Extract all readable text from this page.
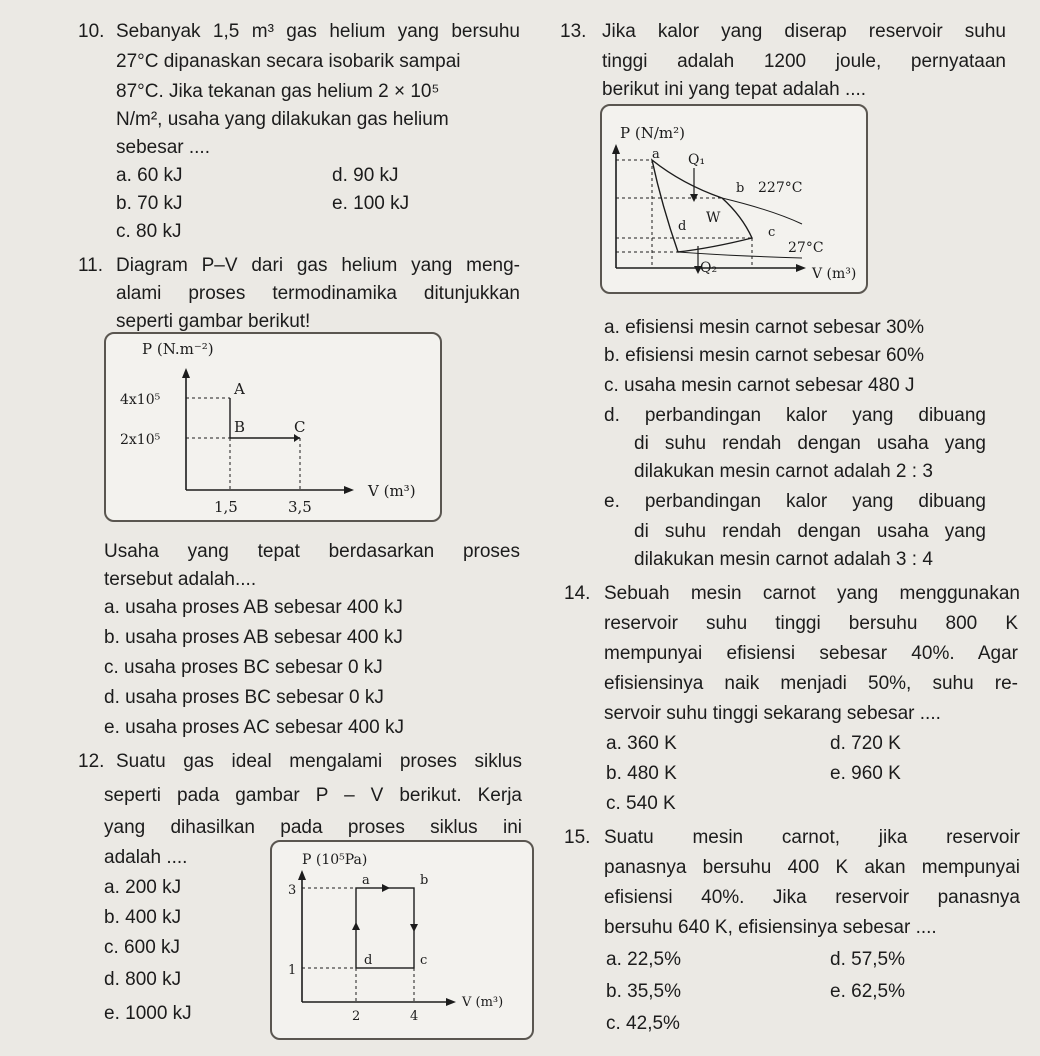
10. Sebanyak 1,5 m³ gas helium yang bersuhu
27°C dipanaskan secara isobarik sampai
87°C. Jika tekanan gas helium 2 × 10⁵
N/m², usaha yang dilakukan gas helium
sebesar ....
a. 60 kJ	d. 90 kJ
b. 70 kJ	e. 100 kJ
c. 80 kJ
11. Diagram P–V dari gas helium yang meng-
alami proses termodinamika ditunjukkan
seperti gambar berikut!
P (N.m⁻²)
4x10⁵
2x10⁵
A
B	C
1,5	3,5
V (m³)
Usaha yang tepat berdasarkan proses
tersebut adalah....
a. usaha proses AB sebesar 400 kJ
b. usaha proses AB sebesar 400 kJ
c. usaha proses BC sebesar 0 kJ
d. usaha proses BC sebesar 0 kJ
e. usaha proses AC sebesar 400 kJ
12. Suatu gas ideal mengalami proses siklus
seperti pada gambar P – V berikut. Kerja
yang dihasilkan pada proses siklus ini
adalah ....
a. 200 kJ
b. 400 kJ
c. 600 kJ
d. 800 kJ
e. 1000 kJ
P (10⁵Pa)
3
1
a	b
c
d
2	4
V (m³)
13. Jika kalor yang diserap reservoir suhu
tinggi adalah 1200 joule, pernyataan
berikut ini yang tepat adalah ....
P (N/m²)
a
b
c
d
W
Q₁
Q₂
227°C
27°C
V (m³)
a. efisiensi mesin carnot sebesar 30%
b. efisiensi mesin carnot sebesar 60%
c. usaha mesin carnot sebesar 480 J
d. perbandingan kalor yang dibuang
di suhu rendah dengan usaha yang
dilakukan mesin carnot adalah 2 : 3
e. perbandingan kalor yang dibuang
di suhu rendah dengan usaha yang
dilakukan mesin carnot adalah 3 : 4
14. Sebuah mesin carnot yang menggunakan
reservoir suhu tinggi bersuhu 800 K
mempunyai efisiensi sebesar 40%. Agar
efisiensinya naik menjadi 50%, suhu re-
servoir suhu tinggi sekarang sebesar ....
a. 360 K	d. 720 K
b. 480 K	e. 960 K
c. 540 K
15. Suatu mesin carnot, jika reservoir
panasnya bersuhu 400 K akan mempunyai
efisiensi 40%. Jika reservoir panasnya
bersuhu 640 K, efisiensinya sebesar ....
a. 22,5%	d. 57,5%
b. 35,5%	e. 62,5%
c. 42,5%
